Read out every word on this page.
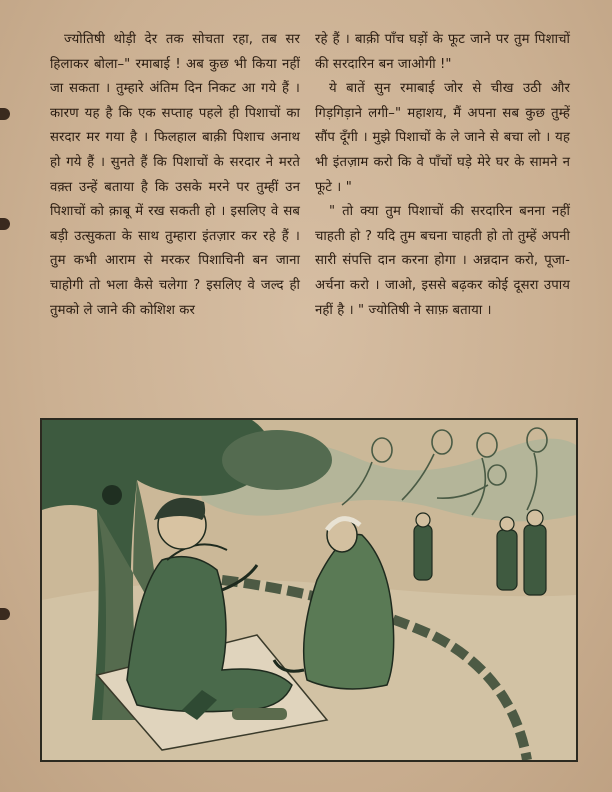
ज्योतिषी थोड़ी देर तक सोचता रहा, तब सर हिलाकर बोला–" रमाबाई ! अब कुछ भी किया नहीं जा सकता । तुम्हारे अंतिम दिन निकट आ गये हैं । कारण यह है कि एक सप्ताह पहले ही पिशाचों का सरदार मर गया है । फिलहाल बाक़ी पिशाच अनाथ हो गये हैं । सुनते हैं कि पिशाचों के सरदार ने मरते वक़्त उन्हें बताया है कि उसके मरने पर तुम्हीं उन पिशाचों को क़ाबू में रख सकती हो । इसलिए वे सब बड़ी उत्सुकता के साथ तुम्हारा इंतज़ार कर रहे हैं । तुम कभी आराम से मरकर पिशाचिनी बन जाना चाहोगी तो भला कैसे चलेगा ? इसलिए वे जल्द ही तुमको ले जाने की कोशिश कर

रहे हैं । बाक़ी पाँच घड़ों के फूट जाने पर तुम पिशाचों की सरदारिन बन जाओगी !"

ये बातें सुन रमाबाई जोर से चीख उठी और गिड़गिड़ाने लगी–" महाशय, मैं अपना सब कुछ तुम्हें सौंप दूँगी । मुझे पिशाचों के ले जाने से बचा लो । यह भी इंतज़ाम करो कि वे पाँचों घड़े मेरे घर के सामने न फूटे । "

" तो क्या तुम पिशाचों की सरदारिन बनना नहीं चाहती हो ? यदि तुम बचना चाहती हो तो तुम्हें अपनी सारी संपत्ति दान करना होगा । अन्नदान करो, पूजा-अर्चना करो । जाओ, इससे बढ़कर कोई दूसरा उपाय नहीं है । " ज्योतिषी ने साफ़ बताया ।
